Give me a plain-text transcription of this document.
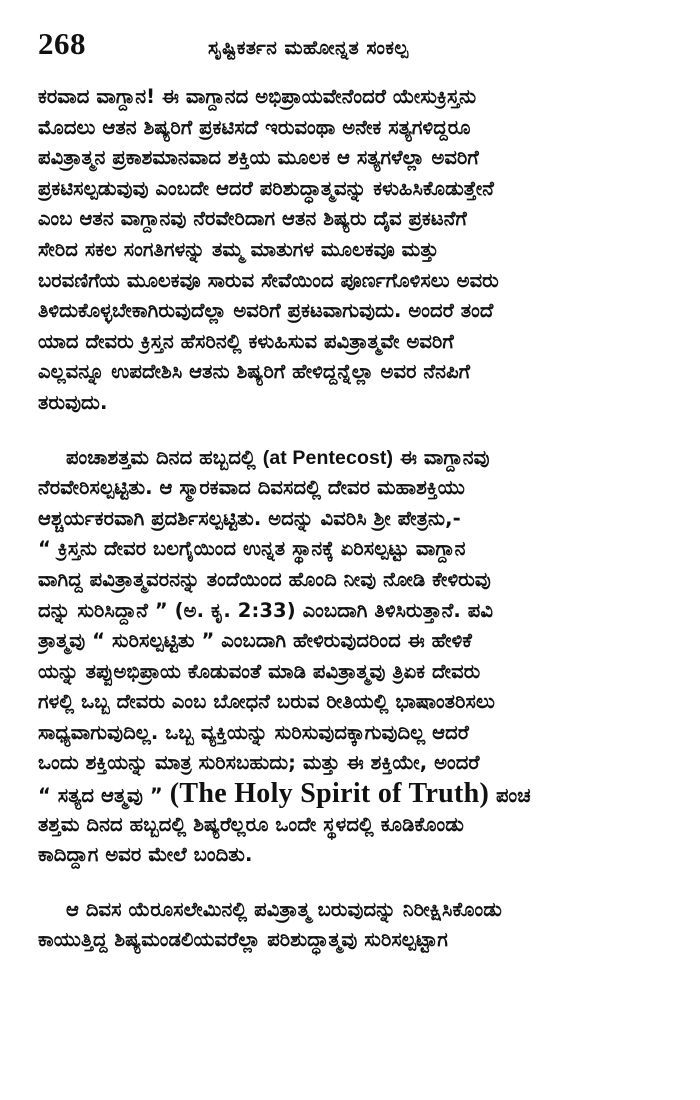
268	ಸೃಷ್ಟಿಕರ್ತನ ಮಹೋನ್ನತ ಸಂಕಲ್ಪ
ಕರವಾದ ವಾಗ್ದಾನ! ಈ ವಾಗ್ದಾನದ ಅಭಿಪ್ರಾಯವೇನೆಂದರೆ ಯೇಸುಕ್ರಿಸ್ತನು
ಮೊದಲು ಆತನ ಶಿಷ್ಯರಿಗೆ ಪ್ರಕಟಿಸದೆ ಇರುವಂಥಾ ಅನೇಕ ಸತ್ಯಗಳಿದ್ದರೂ
ಪವಿತ್ರಾತ್ಮನ ಪ್ರಕಾಶಮಾನವಾದ ಶಕ್ತಿಯ ಮೂಲಕ ಆ ಸತ್ಯಗಳೆಲ್ಲಾ ಅವರಿಗೆ
ಪ್ರಕಟಿಸಲ್ಪಡುವುವು ಎಂಬದೇ ಆದರೆ ಪರಿಶುದ್ಧಾತ್ಮವನ್ನು ಕಳುಹಿಸಿಕೊಡುತ್ತೇನೆ
ಎಂಬ ಆತನ ವಾಗ್ದಾನವು ನೆರವೇರಿದಾಗ ಆತನ ಶಿಷ್ಯರು ದೈವ ಪ್ರಕಟನೆಗೆ
ಸೇರಿದ ಸಕಲ ಸಂಗತಿಗಳನ್ನು ತಮ್ಮ ಮಾತುಗಳ ಮೂಲಕವೂ ಮತ್ತು
ಬರವಣಿಗೆಯ ಮೂಲಕವೂ ಸಾರುವ ಸೇವೆಯಿಂದ ಪೂರ್ಣಗೊಳಿಸಲು ಅವರು
ತಿಳಿದುಕೊಳ್ಳಬೇಕಾಗಿರುವುದೆಲ್ಲಾ ಅವರಿಗೆ ಪ್ರಕಟವಾಗುವುದು. ಅಂದರೆ ತಂದೆ
ಯಾದ ದೇವರು ಕ್ರಿಸ್ತನ ಹೆಸರಿನಲ್ಲಿ ಕಳುಹಿಸುವ ಪವಿತ್ರಾತ್ಮವೇ ಅವರಿಗೆ
ಎಲ್ಲವನ್ನೂ ಉಪದೇಶಿಸಿ ಆತನು ಶಿಷ್ಯರಿಗೆ ಹೇಳಿದ್ದನ್ನೆಲ್ಲಾ ಅವರ ನೆನಪಿಗೆ
ತರುವುದು.
ಪಂಚಾಶತ್ತಮ ದಿನದ ಹಬ್ಬದಲ್ಲಿ (at Pentecost) ಈ ವಾಗ್ದಾನವು
ನೆರವೇರಿಸಲ್ಪಟ್ಟಿತು. ಆ ಸ್ಮಾರಕವಾದ ದಿವಸದಲ್ಲಿ ದೇವರ ಮಹಾಶಕ್ತಿಯು
ಆಶ್ಚರ್ಯಕರವಾಗಿ ಪ್ರದರ್ಶಿಸಲ್ಪಟ್ಟಿತು. ಅದನ್ನು ವಿವರಿಸಿ ಶ್ರೀ ಪೇತ್ರನು,-
“ ಕ್ರಿಸ್ತನು ದೇವರ ಬಲಗೈಯಿಂದ ಉನ್ನತ ಸ್ಥಾನಕ್ಕೆ ಏರಿಸಲ್ಪಟ್ಟು ವಾಗ್ದಾನ
ವಾಗಿದ್ದ ಪವಿತ್ರಾತ್ಮವರನನ್ನು ತಂದೆಯಿಂದ ಹೊಂದಿ ನೀವು ನೋಡಿ ಕೇಳಿರುವು
ದನ್ನು ಸುರಿಸಿದ್ದಾನೆ ” (ಅ. ಕೃ. 2:33) ಎಂಬದಾಗಿ ತಿಳಿಸಿರುತ್ತಾನೆ. ಪವಿ
ತ್ರಾತ್ಮವು “ ಸುರಿಸಲ್ಪಟ್ಟಿತು ” ಎಂಬದಾಗಿ ಹೇಳಿರುವುದರಿಂದ ಈ ಹೇಳಿಕೆ
ಯನ್ನು ತಪ್ಪುಅಭಿಪ್ರಾಯ ಕೊಡುವಂತೆ ಮಾಡಿ ಪವಿತ್ರಾತ್ಮವು ತ್ರಿಏಕ ದೇವರು
ಗಳಲ್ಲಿ ಒಬ್ಬ ದೇವರು ಎಂಬ ಬೋಧನೆ ಬರುವ ರೀತಿಯಲ್ಲಿ ಭಾಷಾಂತರಿಸಲು
ಸಾಧ್ಯವಾಗುವುದಿಲ್ಲ. ಒಬ್ಬ ವ್ಯಕ್ತಿಯನ್ನು ಸುರಿಸುವುದಕ್ಕಾಗುವುದಿಲ್ಲ ಆದರೆ
ಒಂದು ಶಕ್ತಿಯನ್ನು ಮಾತ್ರ ಸುರಿಸಬಹುದು; ಮತ್ತು ಈ ಶಕ್ತಿಯೇ, ಅಂದರೆ
“ ಸತ್ಯದ ಆತ್ಮವು ” (The Holy Spirit of Truth) ಪಂಚ
ತಶ್ತಮ ದಿನದ ಹಬ್ಬದಲ್ಲಿ ಶಿಷ್ಯರೆಲ್ಲರೂ ಒಂದೇ ಸ್ಥಳದಲ್ಲಿ ಕೂಡಿಕೊಂಡು
ಕಾದಿದ್ದಾಗ ಅವರ ಮೇಲೆ ಬಂದಿತು.
ಆ ದಿವಸ ಯೆರೂಸಲೇಮಿನಲ್ಲಿ ಪವಿತ್ರಾತ್ಮ ಬರುವುದನ್ನು ನಿರೀಕ್ಷಿಸಿಕೊಂಡು
ಕಾಯುತ್ತಿದ್ದ ಶಿಷ್ಯಮಂಡಲಿಯವರೆಲ್ಲಾ ಪರಿಶುದ್ಧಾತ್ಮವು ಸುರಿಸಲ್ಪಟ್ಟಾಗ
